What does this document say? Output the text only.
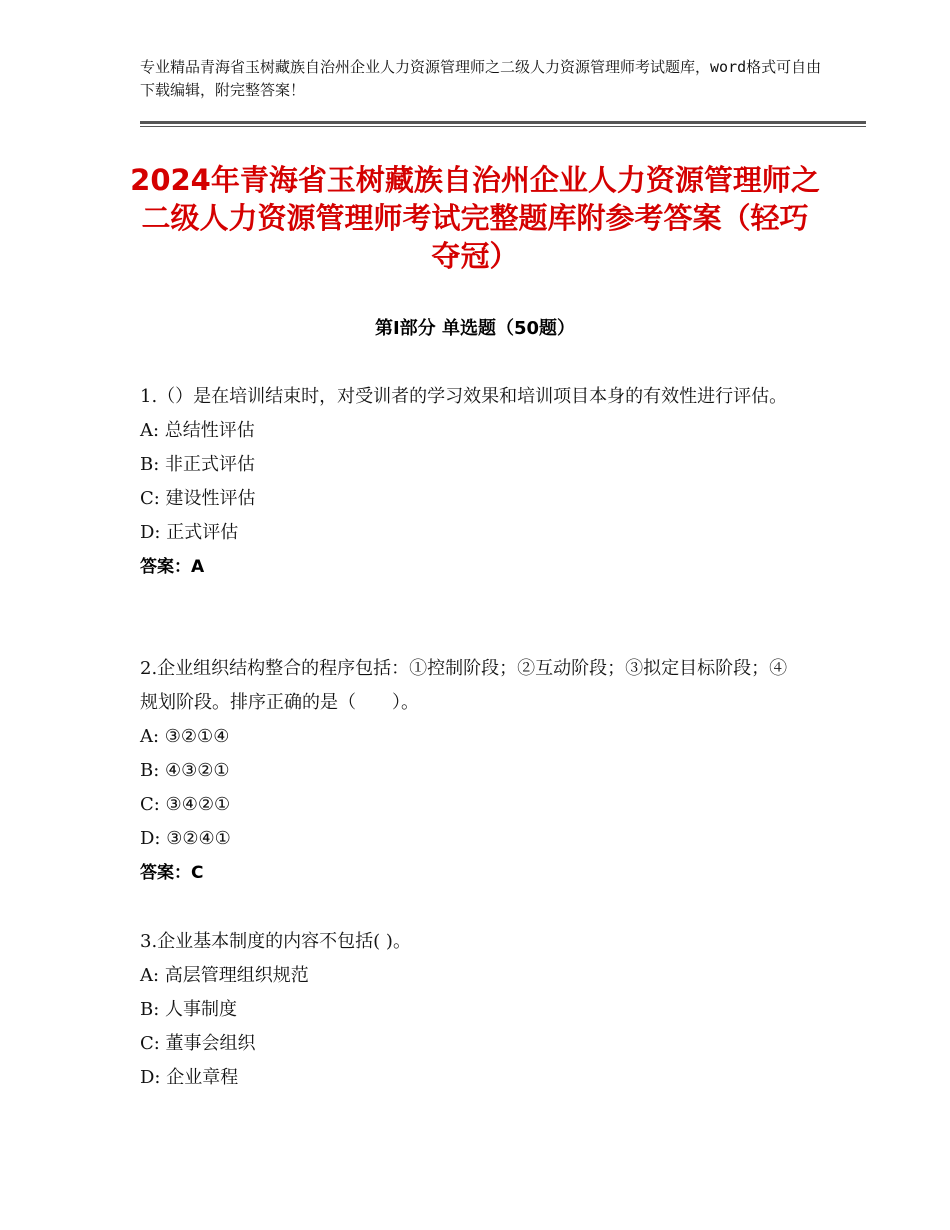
专业精品青海省玉树藏族自治州企业人力资源管理师之二级人力资源管理师考试题库，word格式可自由下载编辑，附完整答案！
2024年青海省玉树藏族自治州企业人力资源管理师之二级人力资源管理师考试完整题库附参考答案（轻巧夺冠）
第Ⅰ部分 单选题（50题）
1.（）是在培训结束时，对受训者的学习效果和培训项目本身的有效性进行评估。
A: 总结性评估
B: 非正式评估
C: 建设性评估
D: 正式评估
答案：A
2.企业组织结构整合的程序包括：①控制阶段；②互动阶段；③拟定目标阶段；④规划阶段。排序正确的是（　　）。
A: ③②①④
B: ④③②①
C: ③④②①
D: ③②④①
答案：C
3.企业基本制度的内容不包括( )。
A: 高层管理组织规范
B: 人事制度
C: 董事会组织
D: 企业章程
